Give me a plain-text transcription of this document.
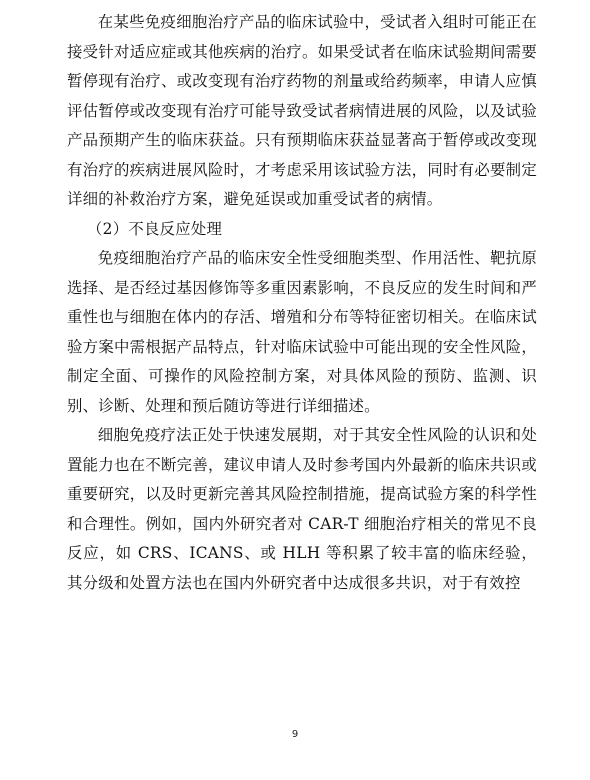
在某些免疫细胞治疗产品的临床试验中，受试者入组时可能正在接受针对适应症或其他疾病的治疗。如果受试者在临床试验期间需要暂停现有治疗、或改变现有治疗药物的剂量或给药频率，申请人应慎评估暂停或改变现有治疗可能导致受试者病情进展的风险，以及试验产品预期产生的临床获益。只有预期临床获益显著高于暂停或改变现有治疗的疾病进展风险时，才考虑采用该试验方法，同时有必要制定详细的补救治疗方案，避免延误或加重受试者的病情。

（2）不良反应处理

免疫细胞治疗产品的临床安全性受细胞类型、作用活性、靶抗原选择、是否经过基因修饰等多重因素影响，不良反应的发生时间和严重性也与细胞在体内的存活、增殖和分布等特征密切相关。在临床试验方案中需根据产品特点，针对临床试验中可能出现的安全性风险，制定全面、可操作的风险控制方案，对具体风险的预防、监测、识别、诊断、处理和预后随访等进行详细描述。

细胞免疫疗法正处于快速发展期，对于其安全性风险的认识和处置能力也在不断完善，建议申请人及时参考国内外最新的临床共识或重要研究，以及时更新完善其风险控制措施，提高试验方案的科学性和合理性。例如，国内外研究者对 CAR-T 细胞治疗相关的常见不良反应，如 CRS、ICANS、或 HLH 等积累了较丰富的临床经验，其分级和处置方法也在国内外研究者中达成很多共识，对于有效控

9
